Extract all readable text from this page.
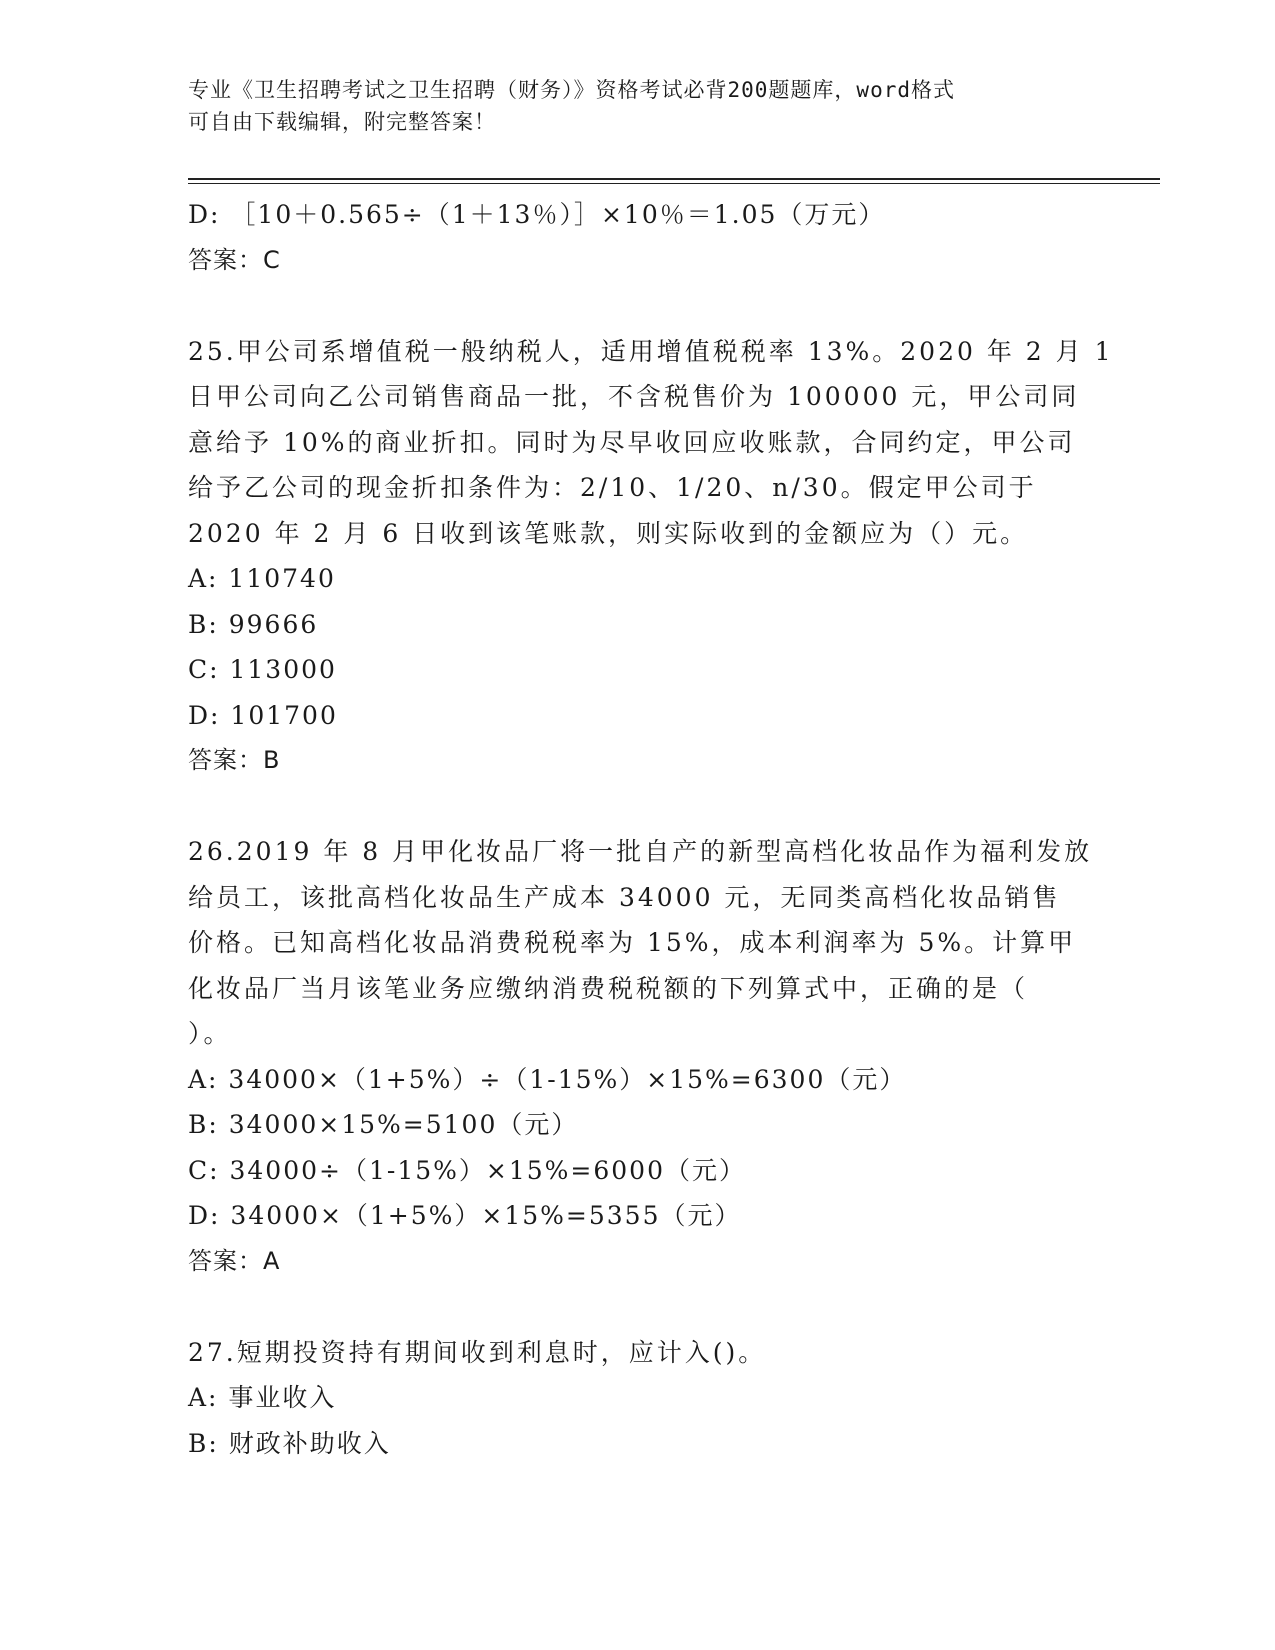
专业《卫生招聘考试之卫生招聘（财务）》资格考试必背200题题库，word格式
可自由下载编辑，附完整答案！
D: ［10＋0.565÷（1＋13％）］×10％＝1.05（万元）
答案：C
25.甲公司系增值税一般纳税人，适用增值税税率 13%。2020 年 2 月 1
日甲公司向乙公司销售商品一批，不含税售价为 100000 元，甲公司同
意给予 10%的商业折扣。同时为尽早收回应收账款，合同约定，甲公司
给予乙公司的现金折扣条件为：2/10、1/20、n/30。假定甲公司于
2020 年 2 月 6 日收到该笔账款，则实际收到的金额应为（）元。
A: 110740
B: 99666
C: 113000
D: 101700
答案：B
26.2019 年 8 月甲化妆品厂将一批自产的新型高档化妆品作为福利发放
给员工，该批高档化妆品生产成本 34000 元，无同类高档化妆品销售
价格。已知高档化妆品消费税税率为 15%，成本利润率为 5%。计算甲
化妆品厂当月该笔业务应缴纳消费税税额的下列算式中，正确的是（
）。
A: 34000×（1+5%）÷（1-15%）×15%=6300（元）
B: 34000×15%=5100（元）
C: 34000÷（1-15%）×15%=6000（元）
D: 34000×（1+5%）×15%=5355（元）
答案：A
27.短期投资持有期间收到利息时，应计入()。
A: 事业收入
B: 财政补助收入
